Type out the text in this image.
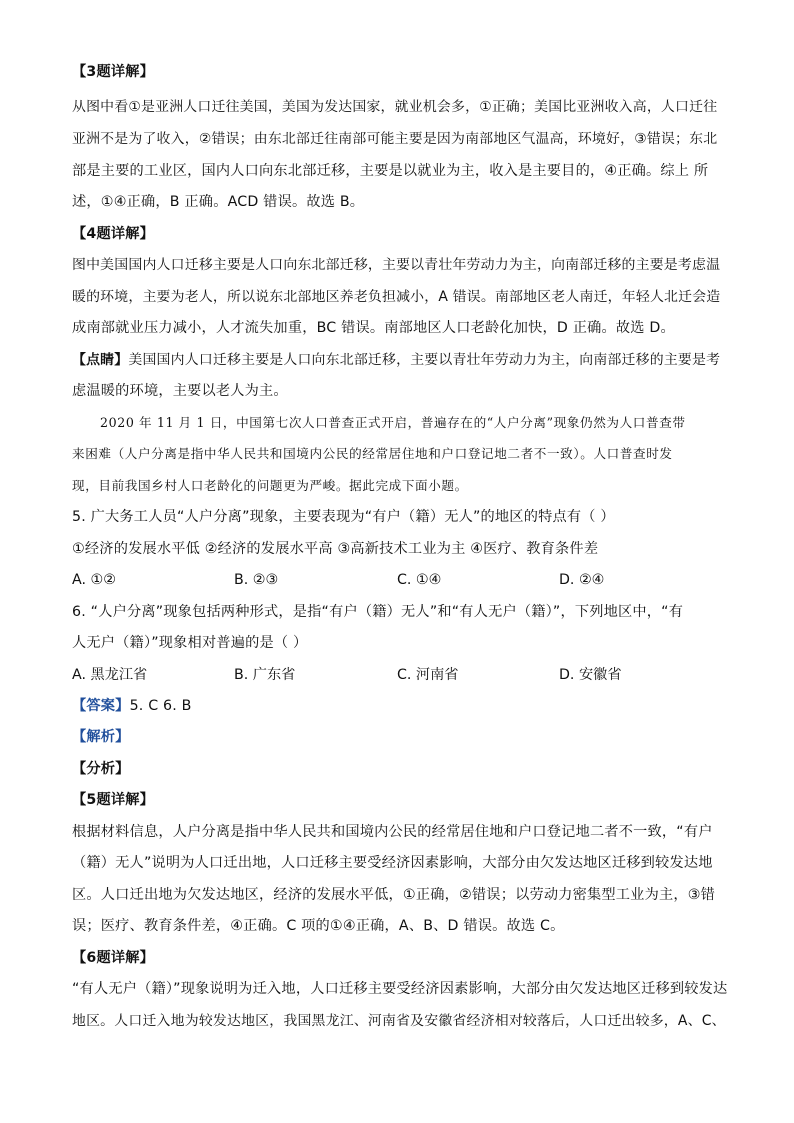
【3题详解】
从图中看①是亚洲人口迁往美国，美国为发达国家，就业机会多，①正确；美国比亚洲收入高，人口迁往
亚洲不是为了收入，②错误；由东北部迁往南部可能主要是因为南部地区气温高，环境好，③错误；东北
部是主要的工业区，国内人口向东北部迁移，主要是以就业为主，收入是主要目的，④正确。综上 所
述，①④正确，B 正确。ACD 错误。故选 B。
【4题详解】
图中美国国内人口迁移主要是人口向东北部迁移，主要以青壮年劳动力为主，向南部迁移的主要是考虑温
暖的环境，主要为老人，所以说东北部地区养老负担减小，A 错误。南部地区老人南迁，年轻人北迁会造
成南部就业压力减小，人才流失加重，BC 错误。南部地区人口老龄化加快，D 正确。故选 D。
【点睛】美国国内人口迁移主要是人口向东北部迁移，主要以青壮年劳动力为主，向南部迁移的主要是考
虑温暖的环境，主要以老人为主。
2020 年 11 月 1 日，中国第七次人口普查正式开启，普遍存在的“人户分离”现象仍然为人口普查带
来困难（人户分离是指中华人民共和国境内公民的经常居住地和户口登记地二者不一致）。人口普查时发
现，目前我国乡村人口老龄化的问题更为严峻。据此完成下面小题。
5. 广大务工人员“人户分离”现象，主要表现为“有户（籍）无人”的地区的特点有（ ）
①经济的发展水平低 ②经济的发展水平高 ③高新技术工业为主 ④医疗、教育条件差
A. ①②	B. ②③	C. ①④	D. ②④
6. “人户分离”现象包括两种形式，是指“有户（籍）无人”和“有人无户（籍）”，下列地区中，“有
人无户（籍）”现象相对普遍的是（ ）
A. 黑龙江省	B. 广东省	C. 河南省	D. 安徽省
【答案】5. C 6. B
【解析】
【分析】
【5题详解】
根据材料信息，人户分离是指中华人民共和国境内公民的经常居住地和户口登记地二者不一致，“有户
（籍）无人”说明为人口迁出地，人口迁移主要受经济因素影响，大部分由欠发达地区迁移到较发达地
区。人口迁出地为欠发达地区，经济的发展水平低，①正确，②错误；以劳动力密集型工业为主，③错
误；医疗、教育条件差，④正确。C 项的①④正确，A、B、D 错误。故选 C。
【6题详解】
“有人无户（籍）”现象说明为迁入地，人口迁移主要受经济因素影响，大部分由欠发达地区迁移到较发达
地区。人口迁入地为较发达地区，我国黑龙江、河南省及安徽省经济相对较落后，人口迁出较多，A、C、
